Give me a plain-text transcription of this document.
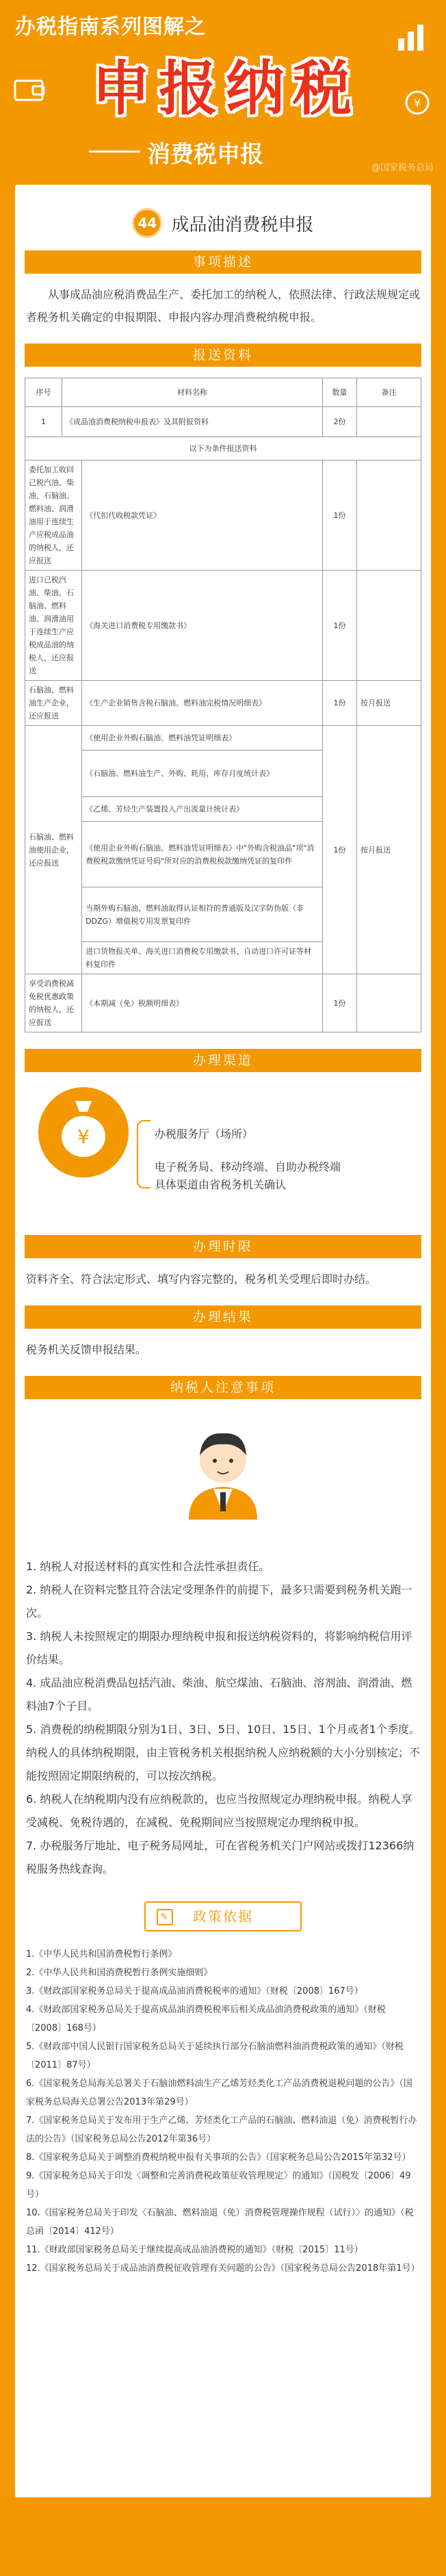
办税指南系列图解之
¥
申报纳税
消费税申报	@国家税务总局
44 成品油消费税申报
事项描述
从事成品油应税消费品生产、委托加工的纳税人，依照法律、行政法规规定或者税务机关确定的申报期限、申报内容办理消费税纳税申报。
报送资料
序号	材料名称		数量	备注
1	《成品油消费税纳税申报表》及其附报资料		2份	
以下为条件报送资料				
委托加工收回已税汽油、柴油、石脑油、燃料油、润滑油用于连续生产应税成品油的纳税人，还应报送		《代扣代收税款凭证》	1份	
进口已税汽油、柴油、石脑油、燃料油、润滑油用于连续生产应税成品油的纳税人，还应报送		《海关进口消费税专用缴款书》	1份	
石脑油、燃料油生产企业，还应报送		《生产企业销售含税石脑油、燃料油完税情况明细表》	1份	按月报送
石脑油、燃料油使用企业，还应报送		《使用企业外购石脑油、燃料油凭证明细表》	1份	按月报送
		《石脑油、燃料油生产、外购、耗用、库存月度统计表》		
		《乙烯、芳烃生产装置投入产出流量计统计表》		
		《使用企业外购石脑油、燃料油凭证明细表》中"外购含税油品"项"消费税税款缴纳凭证号码"所对应的消费税税款缴纳凭证的复印件		
		当期外购石脑油、燃料油取得认证相符的普通版及汉字防伪版（非DDZG）增值税专用发票复印件		
		进口货物报关单、海关进口消费税专用缴款书、自动进口许可证等材料复印件		
享受消费税减免税优惠政策的纳税人，还应报送		《本期减（免）税额明细表》	1份	
办理渠道
¥	办税服务厅（场所）
电子税务局、移动终端、自助办税终端
具体渠道由省税务机关确认
办理时限
资料齐全、符合法定形式、填写内容完整的，税务机关受理后即时办结。
办理结果
税务机关反馈申报结果。
纳税人注意事项

1. 纳税人对报送材料的真实性和合法性承担责任。

2. 纳税人在资料完整且符合法定受理条件的前提下，最多只需要到税务机关跑一次。

3. 纳税人未按照规定的期限办理纳税申报和报送纳税资料的，将影响纳税信用评价结果。

4. 成品油应税消费品包括汽油、柴油、航空煤油、石脑油、溶剂油、润滑油、燃料油7个子目。

5. 消费税的纳税期限分别为1日、3日、5日、10日、15日、1个月或者1个季度。纳税人的具体纳税期限，由主管税务机关根据纳税人应纳税额的大小分别核定；不能按照固定期限纳税的，可以按次纳税。

6. 纳税人在纳税期内没有应纳税款的，也应当按照规定办理纳税申报。纳税人享受减税、免税待遇的，在减税、免税期间应当按照规定办理纳税申报。

7. 办税服务厅地址、电子税务局网址，可在省税务机关门户网站或拨打12366纳税服务热线查询。

✎ 政策依据
1.《中华人民共和国消费税暂行条例》
2.《中华人民共和国消费税暂行条例实施细则》
3.《财政部国家税务总局关于提高成品油消费税税率的通知》（财税〔2008〕167号）
4.《财政部国家税务总局关于提高成品油消费税税率后相关成品油消费税政策的通知》（财税〔2008〕168号）
5.《财政部中国人民银行国家税务总局关于延续执行部分石脑油燃料油消费税政策的通知》（财税〔2011〕87号）
6.《国家税务总局海关总署关于石脑油燃料油生产乙烯芳烃类化工产品消费税退税问题的公告》（国家税务总局海关总署公告2013年第29号）
7.《国家税务总局关于发布用于生产乙烯、芳烃类化工产品的石脑油、燃料油退（免）消费税暂行办法的公告》（国家税务总局公告2012年第36号）
8.《国家税务总局关于调整消费税纳税申报有关事项的公告》（国家税务总局公告2015年第32号）
9.《国家税务总局关于印发〈调整和完善消费税政策征收管理规定〉的通知》（国税发〔2006〕49号）
10.《国家税务总局关于印发〈石脑油、燃料油退（免）消费税管理操作规程（试行）〉的通知》（税总函〔2014〕412号）
11.《财政部国家税务总局关于继续提高成品油消费税的通知》（财税〔2015〕11号）
12.《国家税务总局关于成品油消费税征收管理有关问题的公告》（国家税务总局公告2018年第1号）
